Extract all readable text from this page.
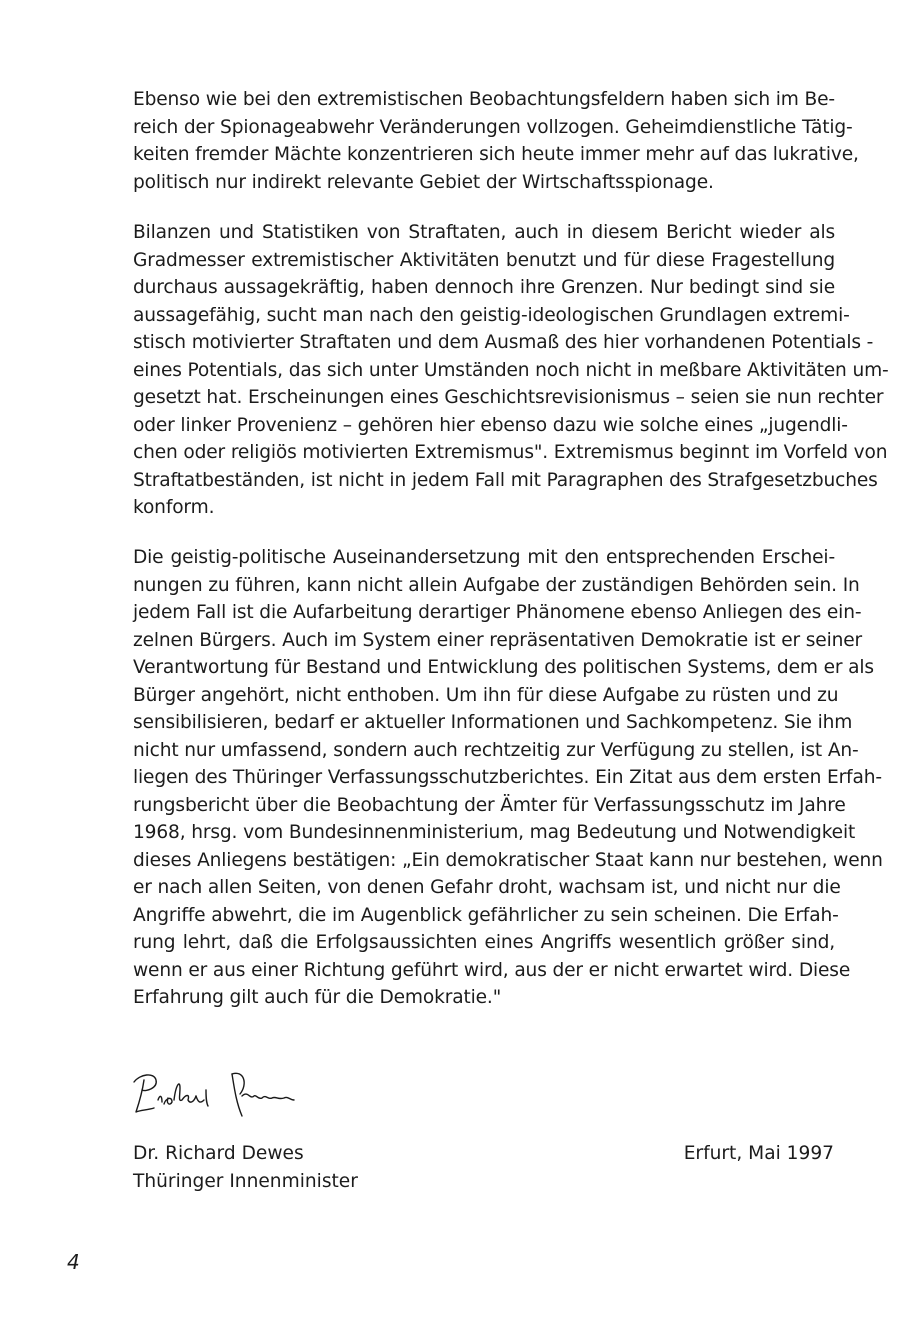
Ebenso wie bei den extremistischen Beobachtungsfeldern haben sich im Be-
reich der Spionageabwehr Veränderungen vollzogen. Geheimdienstliche Tätig-
keiten fremder Mächte konzentrieren sich heute immer mehr auf das lukrative,
politisch nur indirekt relevante Gebiet der Wirtschaftsspionage.
Bilanzen und Statistiken von Straftaten, auch in diesem Bericht wieder als
Gradmesser extremistischer Aktivitäten benutzt und für diese Fragestellung
durchaus aussagekräftig, haben dennoch ihre Grenzen. Nur bedingt sind sie
aussagefähig, sucht man nach den geistig-ideologischen Grundlagen extremi-
stisch motivierter Straftaten und dem Ausmaß des hier vorhandenen Potentials -
eines Potentials, das sich unter Umständen noch nicht in meßbare Aktivitäten um-
gesetzt hat. Erscheinungen eines Geschichtsrevisionismus – seien sie nun rechter
oder linker Provenienz – gehören hier ebenso dazu wie solche eines „jugendli-
chen oder religiös motivierten Extremismus". Extremismus beginnt im Vorfeld von
Straftatbeständen, ist nicht in jedem Fall mit Paragraphen des Strafgesetzbuches
konform.
Die geistig-politische Auseinandersetzung mit den entsprechenden Erschei-
nungen zu führen, kann nicht allein Aufgabe der zuständigen Behörden sein. In
jedem Fall ist die Aufarbeitung derartiger Phänomene ebenso Anliegen des ein-
zelnen Bürgers. Auch im System einer repräsentativen Demokratie ist er seiner
Verantwortung für Bestand und Entwicklung des politischen Systems, dem er als
Bürger angehört, nicht enthoben. Um ihn für diese Aufgabe zu rüsten und zu
sensibilisieren, bedarf er aktueller Informationen und Sachkompetenz. Sie ihm
nicht nur umfassend, sondern auch rechtzeitig zur Verfügung zu stellen, ist An-
liegen des Thüringer Verfassungsschutzberichtes. Ein Zitat aus dem ersten Erfah-
rungsbericht über die Beobachtung der Ämter für Verfassungsschutz im Jahre
1968, hrsg. vom Bundesinnenministerium, mag Bedeutung und Notwendigkeit
dieses Anliegens bestätigen: „Ein demokratischer Staat kann nur bestehen, wenn
er nach allen Seiten, von denen Gefahr droht, wachsam ist, und nicht nur die
Angriffe abwehrt, die im Augenblick gefährlicher zu sein scheinen. Die Erfah-
rung lehrt, daß die Erfolgsaussichten eines Angriffs wesentlich größer sind,
wenn er aus einer Richtung geführt wird, aus der er nicht erwartet wird. Diese
Erfahrung gilt auch für die Demokratie."
Dr. Richard Dewes
Thüringer Innenminister
Erfurt, Mai 1997
4
